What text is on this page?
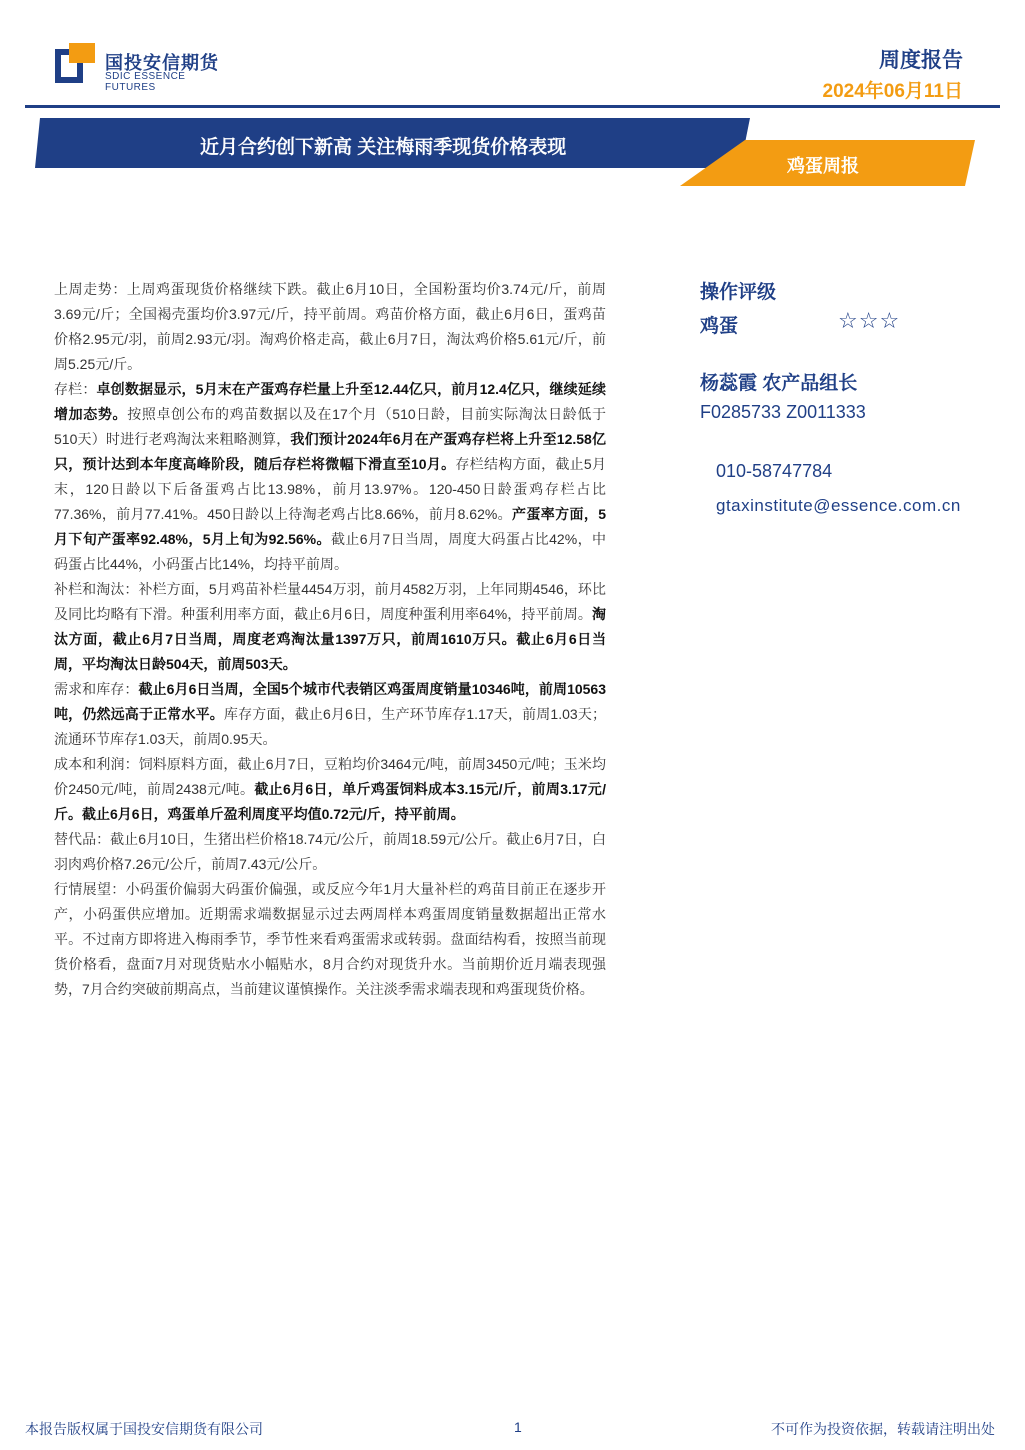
国投安信期货
SDIC ESSENCE FUTURES
周度报告
2024年06月11日
近月合约创下新高 关注梅雨季现货价格表现
鸡蛋周报

上周走势：上周鸡蛋现货价格继续下跌。截止6月10日，全国粉蛋均价3.74元/斤，前周3.69元/斤；全国褐壳蛋均价3.97元/斤，持平前周。鸡苗价格方面，截止6月6日，蛋鸡苗价格2.95元/羽，前周2.93元/羽。淘鸡价格走高，截止6月7日，淘汰鸡价格5.61元/斤，前周5.25元/斤。

存栏：卓创数据显示，5月末在产蛋鸡存栏量上升至12.44亿只，前月12.4亿只，继续延续增加态势。按照卓创公布的鸡苗数据以及在17个月（510日龄，目前实际淘汰日龄低于510天）时进行老鸡淘汰来粗略测算，我们预计2024年6月在产蛋鸡存栏将上升至12.58亿只，预计达到本年度高峰阶段，随后存栏将微幅下滑直至10月。存栏结构方面，截止5月末，120日龄以下后备蛋鸡占比13.98%，前月13.97%。120-450日龄蛋鸡存栏占比77.36%，前月77.41%。450日龄以上待淘老鸡占比8.66%，前月8.62%。产蛋率方面，5月下旬产蛋率92.48%，5月上旬为92.56%。截止6月7日当周，周度大码蛋占比42%，中码蛋占比44%，小码蛋占比14%，均持平前周。

补栏和淘汰：补栏方面，5月鸡苗补栏量4454万羽，前月4582万羽，上年同期4546，环比及同比均略有下滑。种蛋利用率方面，截止6月6日，周度种蛋利用率64%，持平前周。淘汰方面，截止6月7日当周，周度老鸡淘汰量1397万只，前周1610万只。截止6月6日当周，平均淘汰日龄504天，前周503天。

需求和库存：截止6月6日当周，全国5个城市代表销区鸡蛋周度销量10346吨，前周10563吨，仍然远高于正常水平。库存方面，截止6月6日，生产环节库存1.17天，前周1.03天；流通环节库存1.03天，前周0.95天。

成本和利润：饲料原料方面，截止6月7日，豆粕均价3464元/吨，前周3450元/吨；玉米均价2450元/吨，前周2438元/吨。截止6月6日，单斤鸡蛋饲料成本3.15元/斤，前周3.17元/斤。截止6月6日，鸡蛋单斤盈利周度平均值0.72元/斤，持平前周。

替代品：截止6月10日，生猪出栏价格18.74元/公斤，前周18.59元/公斤。截止6月7日，白羽肉鸡价格7.26元/公斤，前周7.43元/公斤。

行情展望：小码蛋价偏弱大码蛋价偏强，或反应今年1月大量补栏的鸡苗目前正在逐步开产，小码蛋供应增加。近期需求端数据显示过去两周样本鸡蛋周度销量数据超出正常水平。不过南方即将进入梅雨季节，季节性来看鸡蛋需求或转弱。盘面结构看，按照当前现货价格看，盘面7月对现货贴水小幅贴水，8月合约对现货升水。当前期价近月端表现强势，7月合约突破前期高点，当前建议谨慎操作。关注淡季需求端表现和鸡蛋现货价格。

操作评级
鸡蛋	☆☆☆
杨蕊霞 农产品组长
F0285733 Z0011333
010-58747784
gtaxinstitute@essence.com.cn
本报告版权属于国投安信期货有限公司	1	不可作为投资依据，转载请注明出处
